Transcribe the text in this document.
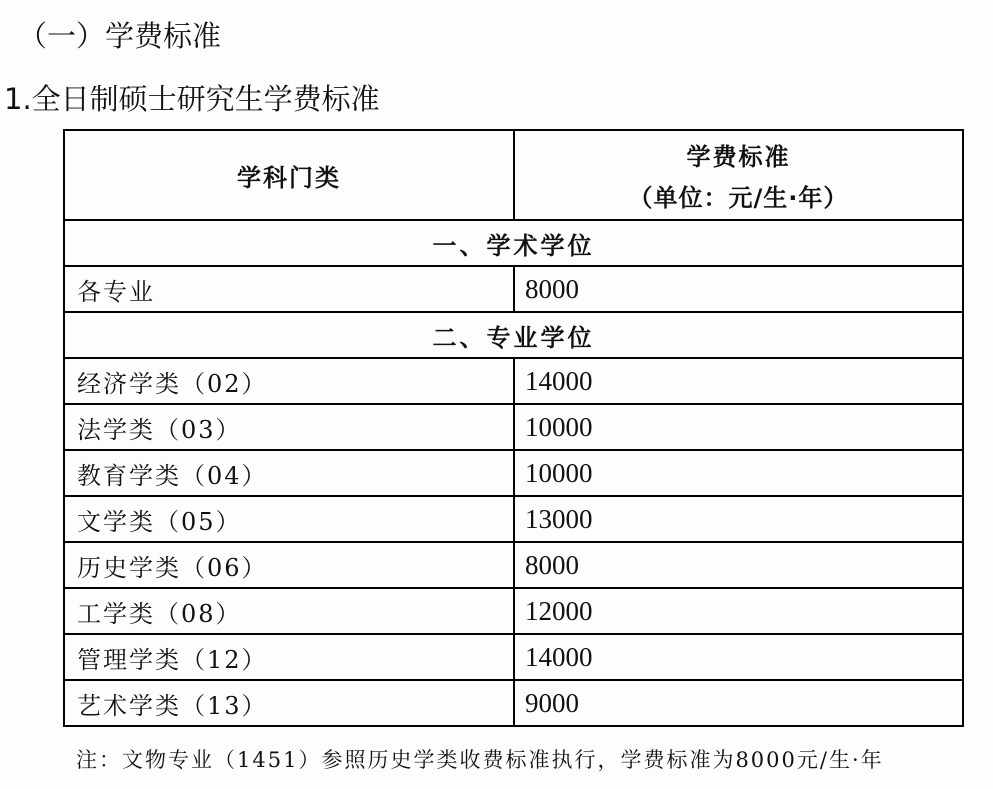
（一）学费标准
1.全日制硕士研究生学费标准
学科门类	学费标准
（单位：元/生·年）

一、学术学位	
各专业	8000
二、专业学位	
经济学类（02）	14000
法学类（03）	10000
教育学类（04）	10000
文学类（05）	13000
历史学类（06）	8000
工学类（08）	12000
管理学类（12）	14000
艺术学类（13）	9000
注：文物专业（1451）参照历史学类收费标准执行，学费标准为8000元/生·年
